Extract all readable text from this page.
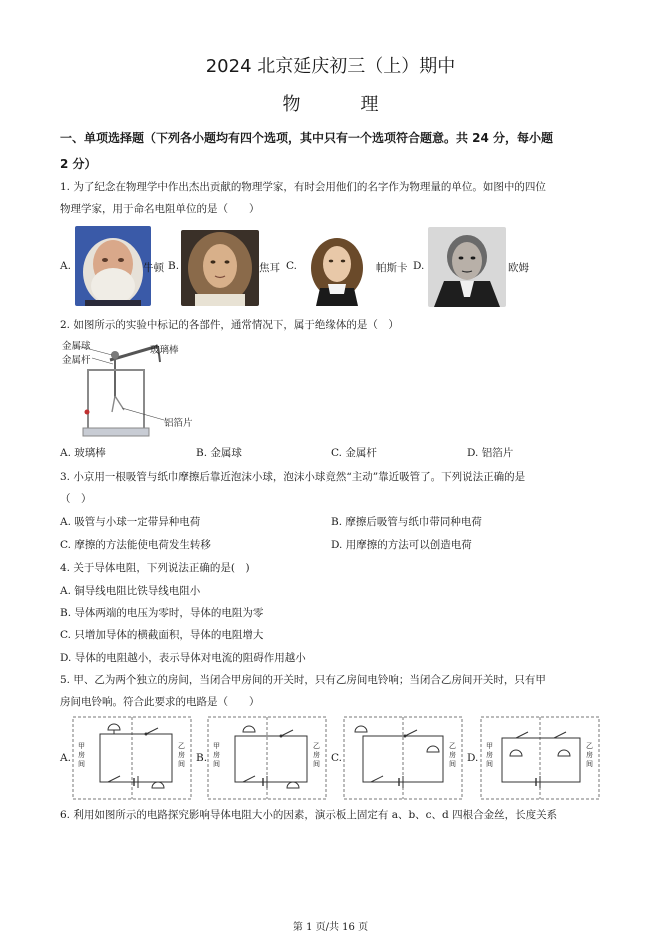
2024 北京延庆初三（上）期中
物	理
一、单项选择题（下列各小题均有四个选项，其中只有一个选项符合题意。共 24 分，每小题
2 分）
1. 为了纪念在物理学中作出杰出贡献的物理学家，有时会用他们的名字作为物理量的单位。如图中的四位
物理学家，用于命名电阻单位的是（　　）
A.	牛顿 B.	焦耳 C.	帕斯卡 D.	欧姆
2. 如图所示的实验中标记的各部件，通常情况下，属于绝缘体的是（　）
金属球
金属杆
玻璃棒
铝箔片
A. 玻璃棒	B. 金属球	C. 金属杆	D. 铝箔片
3. 小京用一根吸管与纸巾摩擦后靠近泡沫小球，泡沫小球竟然“主动”靠近吸管了。下列说法正确的是
（　）
A. 吸管与小球一定带异种电荷	B. 摩擦后吸管与纸巾带同种电荷
C. 摩擦的方法能使电荷发生转移	D. 用摩擦的方法可以创造电荷
4. 关于导体电阻，下列说法正确的是(　)
A. 铜导线电阻比铁导线电阻小
B. 导体两端的电压为零时，导体的电阻为零
C. 只增加导体的横截面积，导体的电阻增大
D. 导体的电阻越小，表示导体对电流的阻碍作用越小
5. 甲、乙为两个独立的房间，当闭合甲房间的开关时，只有乙房间电铃响；当闭合乙房间开关时，只有甲
房间电铃响。符合此要求的电路是（　　）
A.
甲房间
乙房间 B.
甲房间
乙房间 C.
乙房间 D.
甲房间
乙房间
6. 利用如图所示的电路探究影响导体电阻大小的因素，演示板上固定有 a、b、c、d 四根合金丝，长度关系
第 1 页/共 16 页
